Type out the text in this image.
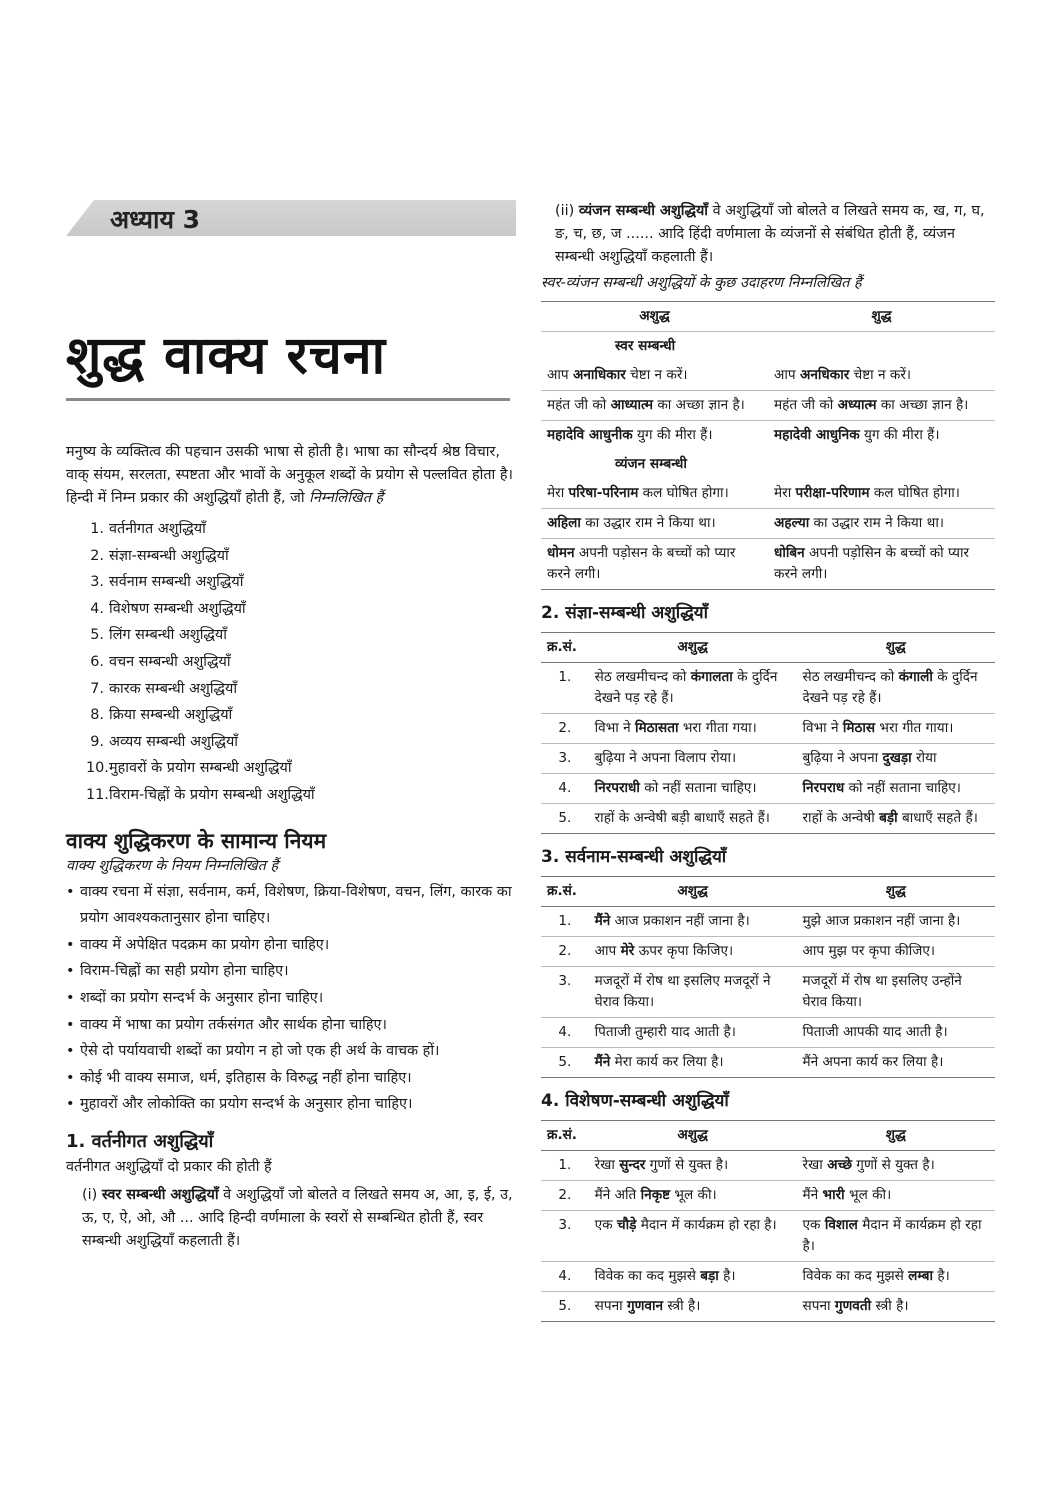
अध्याय 3
शुद्ध वाक्य रचना
मनुष्य के व्यक्तित्व की पहचान उसकी भाषा से होती है। भाषा का सौन्दर्य श्रेष्ठ विचार, वाक् संयम, सरलता, स्पष्टता और भावों के अनुकूल शब्दों के प्रयोग से पल्लवित होता है। हिन्दी में निम्न प्रकार की अशुद्धियाँ होती हैं, जो निम्नलिखित हैं
1. वर्तनीगत अशुद्धियाँ
2. संज्ञा-सम्बन्धी अशुद्धियाँ
3. सर्वनाम सम्बन्धी अशुद्धियाँ
4. विशेषण सम्बन्धी अशुद्धियाँ
5. लिंग सम्बन्धी अशुद्धियाँ
6. वचन सम्बन्धी अशुद्धियाँ
7. कारक सम्बन्धी अशुद्धियाँ
8. क्रिया सम्बन्धी अशुद्धियाँ
9. अव्यय सम्बन्धी अशुद्धियाँ
10.मुहावरों के प्रयोग सम्बन्धी अशुद्धियाँ
11.विराम-चिह्नों के प्रयोग सम्बन्धी अशुद्धियाँ
वाक्य शुद्धिकरण के सामान्य नियम
वाक्य शुद्धिकरण के नियम निम्नलिखित हैं
• वाक्य रचना में संज्ञा, सर्वनाम, कर्म, विशेषण, क्रिया-विशेषण, वचन, लिंग, कारक का प्रयोग आवश्यकतानुसार होना चाहिए।
• वाक्य में अपेक्षित पदक्रम का प्रयोग होना चाहिए।
• विराम-चिह्नों का सही प्रयोग होना चाहिए।
• शब्दों का प्रयोग सन्दर्भ के अनुसार होना चाहिए।
• वाक्य में भाषा का प्रयोग तर्कसंगत और सार्थक होना चाहिए।
• ऐसे दो पर्यायवाची शब्दों का प्रयोग न हो जो एक ही अर्थ के वाचक हों।
• कोई भी वाक्य समाज, धर्म, इतिहास के विरुद्ध नहीं होना चाहिए।
• मुहावरों और लोकोक्ति का प्रयोग सन्दर्भ के अनुसार होना चाहिए।
1. वर्तनीगत अशुद्धियाँ
वर्तनीगत अशुद्धियाँ दो प्रकार की होती हैं
(i) स्वर सम्बन्धी अशुद्धियाँ वे अशुद्धियाँ जो बोलते व लिखते समय अ, आ, इ, ई, उ, ऊ, ए, ऐ, ओ, औ ... आदि हिन्दी वर्णमाला के स्वरों से सम्बन्धित होती हैं, स्वर सम्बन्धी अशुद्धियाँ कहलाती हैं।
(ii) व्यंजन सम्बन्धी अशुद्धियाँ वे अशुद्धियाँ जो बोलते व लिखते समय क, ख, ग, घ, ङ, च, छ, ज ...... आदि हिंदी वर्णमाला के व्यंजनों से संबंधित होती हैं, व्यंजन सम्बन्धी अशुद्धियाँ कहलाती हैं।
स्वर-व्यंजन सम्बन्धी अशुद्धियों के कुछ उदाहरण निम्नलिखित हैं
अशुद्ध	शुद्ध
स्वर सम्बन्धी	
आप अनाधिकार चेष्टा न करें।	आप अनधिकार चेष्टा न करें।
महंत जी को आध्यात्म का अच्छा ज्ञान है।	महंत जी को अध्यात्म का अच्छा ज्ञान है।
महादेवि आधुनीक युग की मीरा हैं।	महादेवी आधुनिक युग की मीरा हैं।
व्यंजन सम्बन्धी	
मेरा परिषा-परिनाम कल घोषित होगा।	मेरा परीक्षा-परिणाम कल घोषित होगा।
अहिला का उद्धार राम ने किया था।	अहल्या का उद्धार राम ने किया था।
धोमन अपनी पड़ोसन के बच्चों को प्यार करने लगी।	धोबिन अपनी पड़ोसिन के बच्चों को प्यार करने लगी।
2. संज्ञा-सम्बन्धी अशुद्धियाँ
क्र.सं.	अशुद्ध	शुद्ध
1.	सेठ लखमीचन्द को कंगालता के दुर्दिन देखने पड़ रहे हैं।	सेठ लखमीचन्द को कंगाली के दुर्दिन देखने पड़ रहे हैं।
2.	विभा ने मिठासता भरा गीता गया।	विभा ने मिठास भरा गीत गाया।
3.	बुढ़िया ने अपना विलाप रोया।	बुढ़िया ने अपना दुखड़ा रोया
4.	निरपराधी को नहीं सताना चाहिए।	निरपराध को नहीं सताना चाहिए।
5.	राहों के अन्वेषी बड़ी बाधाएँ सहते हैं।	राहों के अन्वेषी बड़ी बाधाएँ सहते हैं।
3. सर्वनाम-सम्बन्धी अशुद्धियाँ
क्र.सं.	अशुद्ध	शुद्ध
1.	मैंने आज प्रकाशन नहीं जाना है।	मुझे आज प्रकाशन नहीं जाना है।
2.	आप मेरे ऊपर कृपा किजिए।	आप मुझ पर कृपा कीजिए।
3.	मजदूरों में रोष था इसलिए मजदूरों ने घेराव किया।	मजदूरों में रोष था इसलिए उन्होंने घेराव किया।
4.	पिताजी तुम्हारी याद आती है।	पिताजी आपकी याद आती है।
5.	मैंने मेरा कार्य कर लिया है।	मैंने अपना कार्य कर लिया है।
4. विशेषण-सम्बन्धी अशुद्धियाँ
क्र.सं.	अशुद्ध	शुद्ध
1.	रेखा सुन्दर गुणों से युक्त है।	रेखा अच्छे गुणों से युक्त है।
2.	मैंने अति निकृष्ट भूल की।	मैंने भारी भूल की।
3.	एक चौड़े मैदान में कार्यक्रम हो रहा है।	एक विशाल मैदान में कार्यक्रम हो रहा है।
4.	विवेक का कद मुझसे बड़ा है।	विवेक का कद मुझसे लम्बा है।
5.	सपना गुणवान स्त्री है।	सपना गुणवती स्त्री है।
